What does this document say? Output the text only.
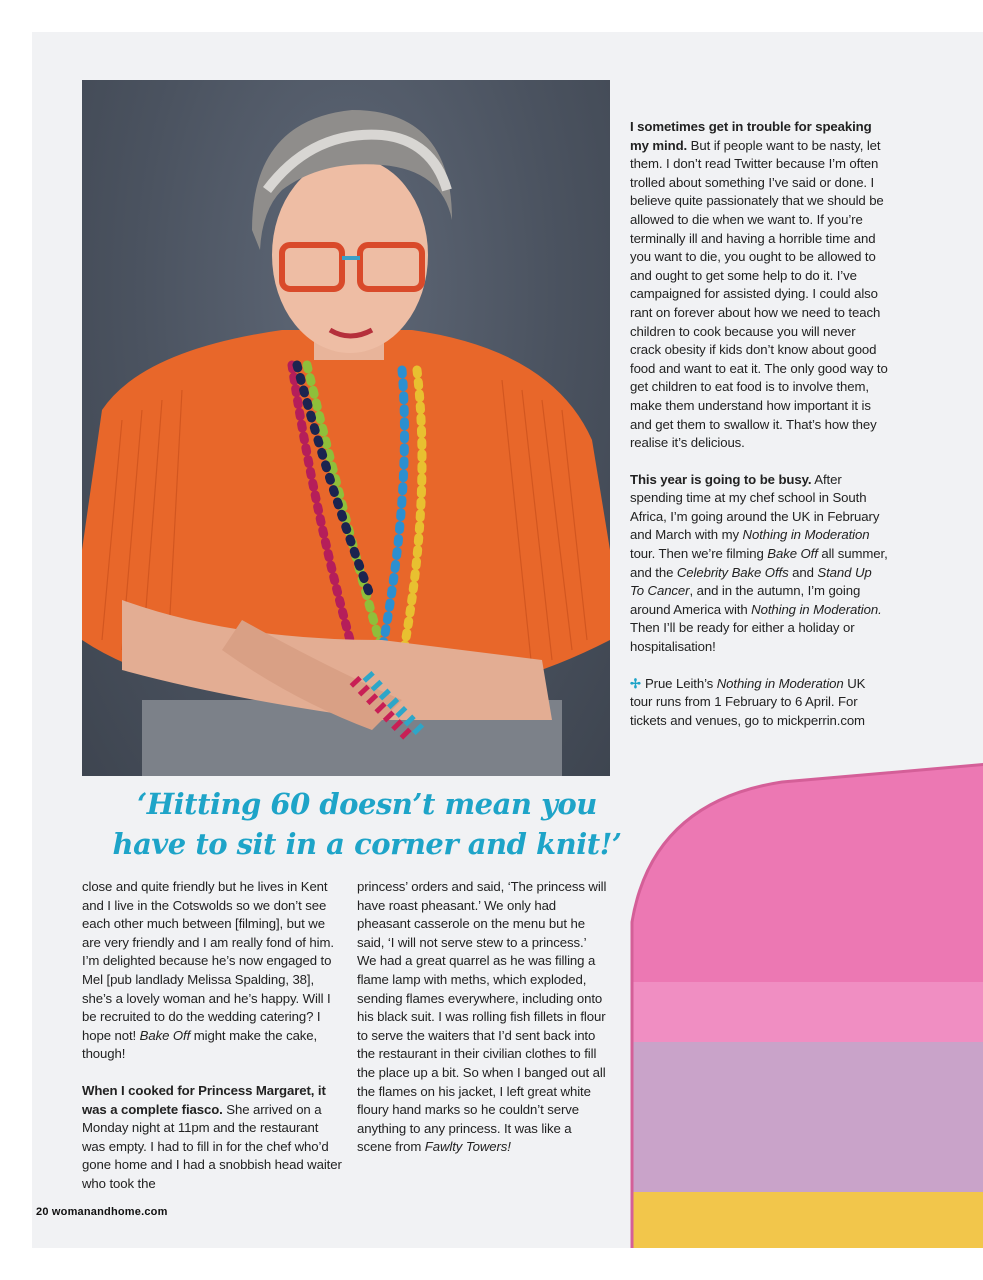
I sometimes get in trouble for speaking my mind. But if people want to be nasty, let them. I don’t read Twitter because I’m often trolled about something I’ve said or done. I believe quite passionately that we should be allowed to die when we want to. If you’re terminally ill and having a horrible time and you want to die, you ought to be allowed to and ought to get some help to do it. I’ve campaigned for assisted dying. I could also rant on forever about how we need to teach children to cook because you will never crack obesity if kids don’t know about good food and want to eat it. The only good way to get children to eat food is to involve them, make them understand how important it is and get them to swallow it. That’s how they realise it’s delicious.

This year is going to be busy. After spending time at my chef school in South Africa, I’m going around the UK in February and March with my Nothing in Moderation tour. Then we’re filming Bake Off all summer, and the Celebrity Bake Offs and Stand Up To Cancer, and in the autumn, I’m going around America with Nothing in Moderation. Then I’ll be ready for either a holiday or hospitalisation!

✢ Prue Leith’s Nothing in Moderation UK tour runs from 1 February to 6 April. For tickets and venues, go to mickperrin.com

‘Hitting 60 doesn’t mean you
have to sit in a corner and knit!’

close and quite friendly but he lives in Kent and I live in the Cotswolds so we don’t see each other much between [filming], but we are very friendly and I am really fond of him. I’m delighted because he’s now engaged to Mel [pub landlady Melissa Spalding, 38], she’s a lovely woman and he’s happy. Will I be recruited to do the wedding catering? I hope not! Bake Off might make the cake, though!

When I cooked for Princess Margaret, it was a complete fiasco. She arrived on a Monday night at 11pm and the restaurant was empty. I had to fill in for the chef who’d gone home and I had a snobbish head waiter who took the

princess’ orders and said, ‘The princess will have roast pheasant.’ We only had pheasant casserole on the menu but he said, ‘I will not serve stew to a princess.’ We had a great quarrel as he was filling a flame lamp with meths, which exploded, sending flames everywhere, including onto his black suit. I was rolling fish fillets in flour to serve the waiters that I’d sent back into the restaurant in their civilian clothes to fill the place up a bit. So when I banged out all the flames on his jacket, I left great white floury hand marks so he couldn’t serve anything to any princess. It was like a scene from Fawlty Towers!

20 womanandhome.com
